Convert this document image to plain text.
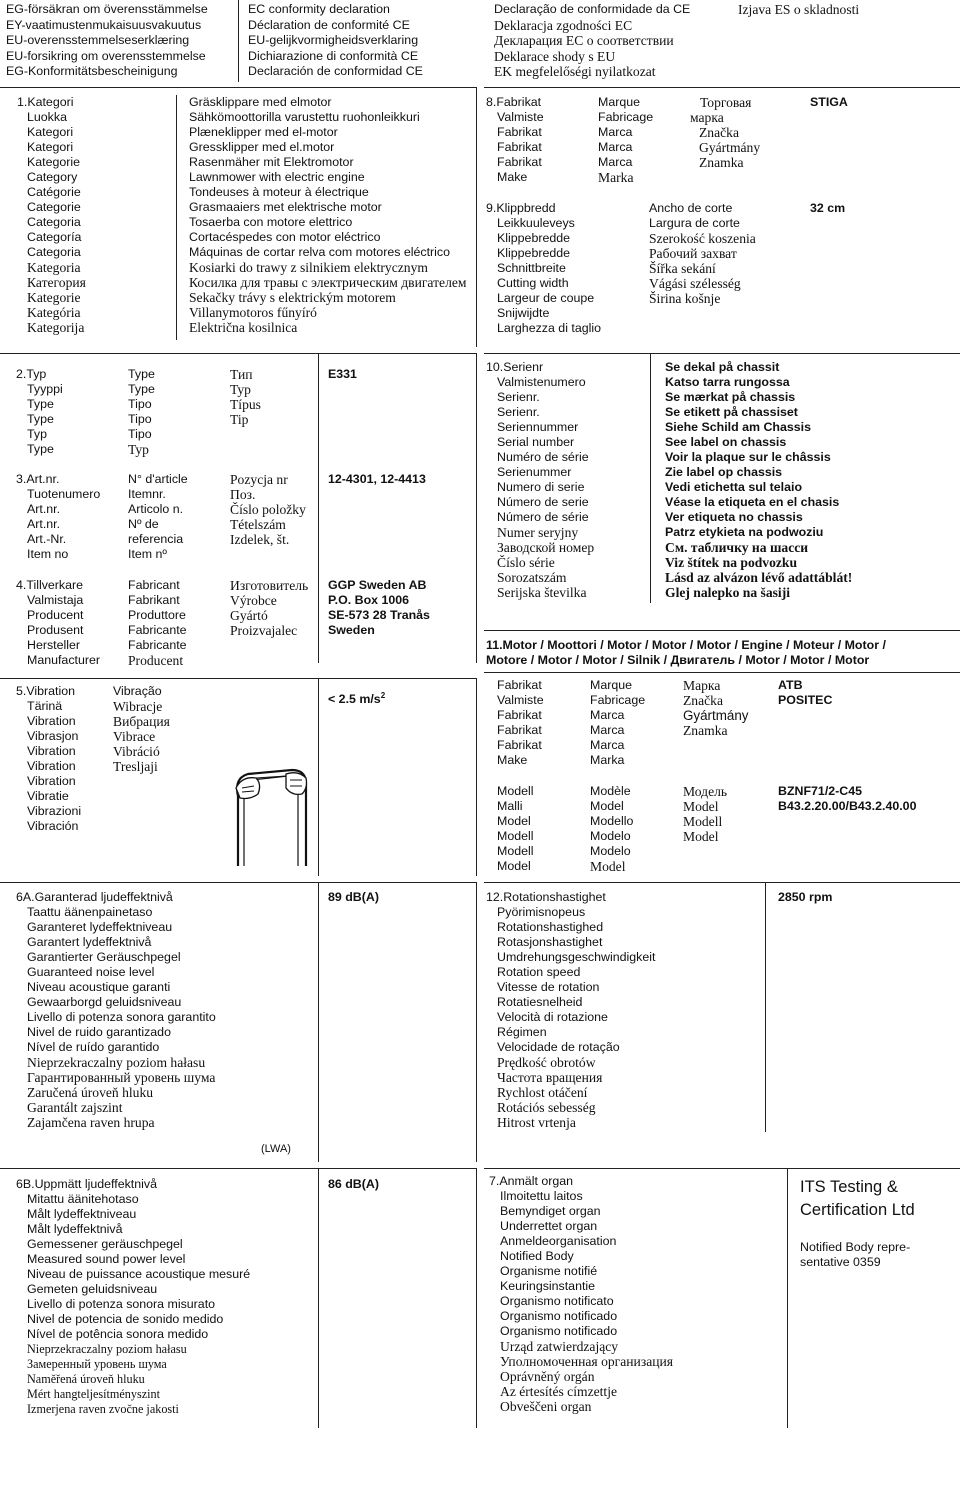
EG-försäkran om överensstämmelse
EY-vaatimustenmukaisuusvakuutus
EU-overensstemmelseserklæring
EU-forsikring om overensstemmelse
EG-Konformitätsbescheinigung
EC conformity declaration
Déclaration de conformité CE
EU-gelijkvormigheidsverklaring
Dichiarazione di conformità CE
Declaración de conformidad CE
Declaração de conformidade da CE
Deklaracja zgodności EC
Декларация ЕС о соответствии
Deklarace shody s EU
EK megfelelőségi nyilatkozat
Izjava ES o skladnosti
1.Kategori
Luokka
Kategori
Kategori
Kategorie
Category
Catégorie
Categorie
Categoria
Categoría
Categoria
Kategoria
Категория
Kategorie
Kategória
Kategorija
Gräsklippare med elmotor
Sähkömoottorilla varustettu ruohonleikkuri
Plæneklipper med el-motor
Gressklipper med el.motor
Rasenmäher mit Elektromotor
Lawnmower with electric engine
Tondeuses à moteur à électrique
Grasmaaiers met elektrische motor
Tosaerba con motore elettrico
Cortacéspedes con motor eléctrico
Máquinas de cortar relva com motores eléctrico
Kosiarki do trawy z silnikiem elektrycznym
Косилка для травы с электрическим двигателем
Sekačky trávy s elektrickým motorem
Villanymotoros fűnyíró
Električna kosilnica
8.Fabrikat
Valmiste
Fabrikat
Fabrikat
Fabrikat
Make
Marque
Fabricage
Marca
Marca
Marca
Marka
Торговая
марка
Značka
Gyártmány
Znamka
STIGA
9.Klippbredd
Leikkuuleveys
Klippebredde
Klippebredde
Schnittbreite
Cutting width
Largeur de coupe
Snijwijdte
Larghezza di taglio
Ancho de corte
Largura de corte
Szerokość koszenia
Рабочий захват
Šířka sekání
Vágási szélesség
Širina košnje
32 cm
2.Typ
Tyyppi
Type
Type
Typ
Type
Type
Type
Tipo
Tipo
Tipo
Typ
Тип
Typ
Típus
Tip
E331
3.Art.nr.
Tuotenumero
Art.nr.
Art.nr.
Art.-Nr.
Item no
N° d'article
Itemnr.
Articolo n.
Nº de
referencia
Item nº
Pozycja nr
Поз.
Číslo položky
Tételszám
Izdelek, št.
12-4301, 12-4413
4.Tillverkare
Valmistaja
Producent
Produsent
Hersteller
Manufacturer
Fabricant
Fabrikant
Produttore
Fabricante
Fabricante
Producent
Изготовитель
Výrobce
Gyártó
Proizvajalec
GGP Sweden AB
P.O. Box 1006
SE-573 28 Tranås
Sweden
5.Vibration
Tärinä
Vibration
Vibrasjon
Vibration
Vibration
Vibration
Vibratie
Vibrazioni
Vibración
Vibração
Wibracje
Вибрация
Vibrace
Vibráció
Tresljaji
< 2.5 $m/s^2$
10.Serienr
Valmistenumero
Serienr.
Serienr.
Seriennummer
Serial number
Numéro de série
Serienummer
Numero di serie
Número de serie
Número de série
Numer seryjny
Заводской номер
Číslo série
Sorozatszám
Serijska številka
Se dekal på chassit
Katso tarra rungossa
Se mærkat på chassis
Se etikett på chassiset
Siehe Schild am Chassis
See label on chassis
Voir la plaque sur le châssis
Zie label op chassis
Vedi etichetta sul telaio
Véase la etiqueta en el chasis
Ver etiqueta no chassis
Patrz etykieta na podwoziu
См. табличку на шасси
Viz štítek na podvozku
Lásd az alvázon lévő adattáblát!
Glej nalepko na šasiji
11.Motor / Moottori / Motor / Motor / Motor / Engine / Moteur / Motor /
Motore / Motor / Motor / Silnik / Двигатель / Motor / Motor / Motor
Fabrikat
Valmiste
Fabrikat
Fabrikat
Fabrikat
Make
Marque
Fabricage
Marca
Marca
Marca
Marka
Марка
Značka
Gyártmány
Znamka
ATB
POSITEC
Modell
Malli
Model
Modell
Modell
Model
Modèle
Model
Modello
Modelo
Modelo
Model
Модель
Model
Modell
Model
BZNF71/2-C45
B43.2.20.00/B43.2.40.00
6A.Garanterad ljudeffektnivå
Taattu äänenpainetaso
Garanteret lydeffektniveau
Garantert lydeffektnivå
Garantierter Geräuschpegel
Guaranteed noise level
Niveau acoustique garanti
Gewaarborgd geluidsniveau
Livello di potenza sonora garantito
Nivel de ruido garantizado
Nível de ruído garantido
Nieprzekraczalny poziom hałasu
Гарантированный уровень шума
Zaručená úroveň hluku
Garantált zajszint
Zajamčena raven hrupa
89 dB(A)
(LWA)
12.Rotationshastighet
Pyörimisnopeus
Rotationshastighed
Rotasjonshastighet
Umdrehungsgeschwindigkeit
Rotation speed
Vitesse de rotation
Rotatiesnelheid
Velocità di rotazione
Régimen
Velocidade de rotação
Prędkość obrotów
Частота вращения
Rychlost otáčení
Rotációs sebesség
Hitrost vrtenja
2850 rpm
6B.Uppmätt ljudeffektnivå
Mitattu äänitehotaso
Målt lydeffektniveau
Målt lydeffektnivå
Gemessener geräuschpegel
Measured sound power level
Niveau de puissance acoustique mesuré
Gemeten geluidsniveau
Livello di potenza sonora misurato
Nivel de potencia de sonido medido
Nível de potência sonora medido
Nieprzekraczalny poziom hałasu
Замеренный уровень шума
Naměřená úroveň hluku
Mért hangteljesítményszint
Izmerjena raven zvočne jakosti
86 dB(A)	7.Anmält organ
Ilmoitettu laitos
Bemyndiget organ
Underrettet organ
Anmeldeorganisation
Notified Body
Organisme notifié
Keuringsinstantie
Organismo notificato
Organismo notificado
Organismo notificado
Urząd zatwierdzający
Уполномоченная организация
Oprávněný orgán
Az értesítés címzettje
Obveščeni organ
ITS Testing &
Certification Ltd
Notified Body repre-
sentative 0359
